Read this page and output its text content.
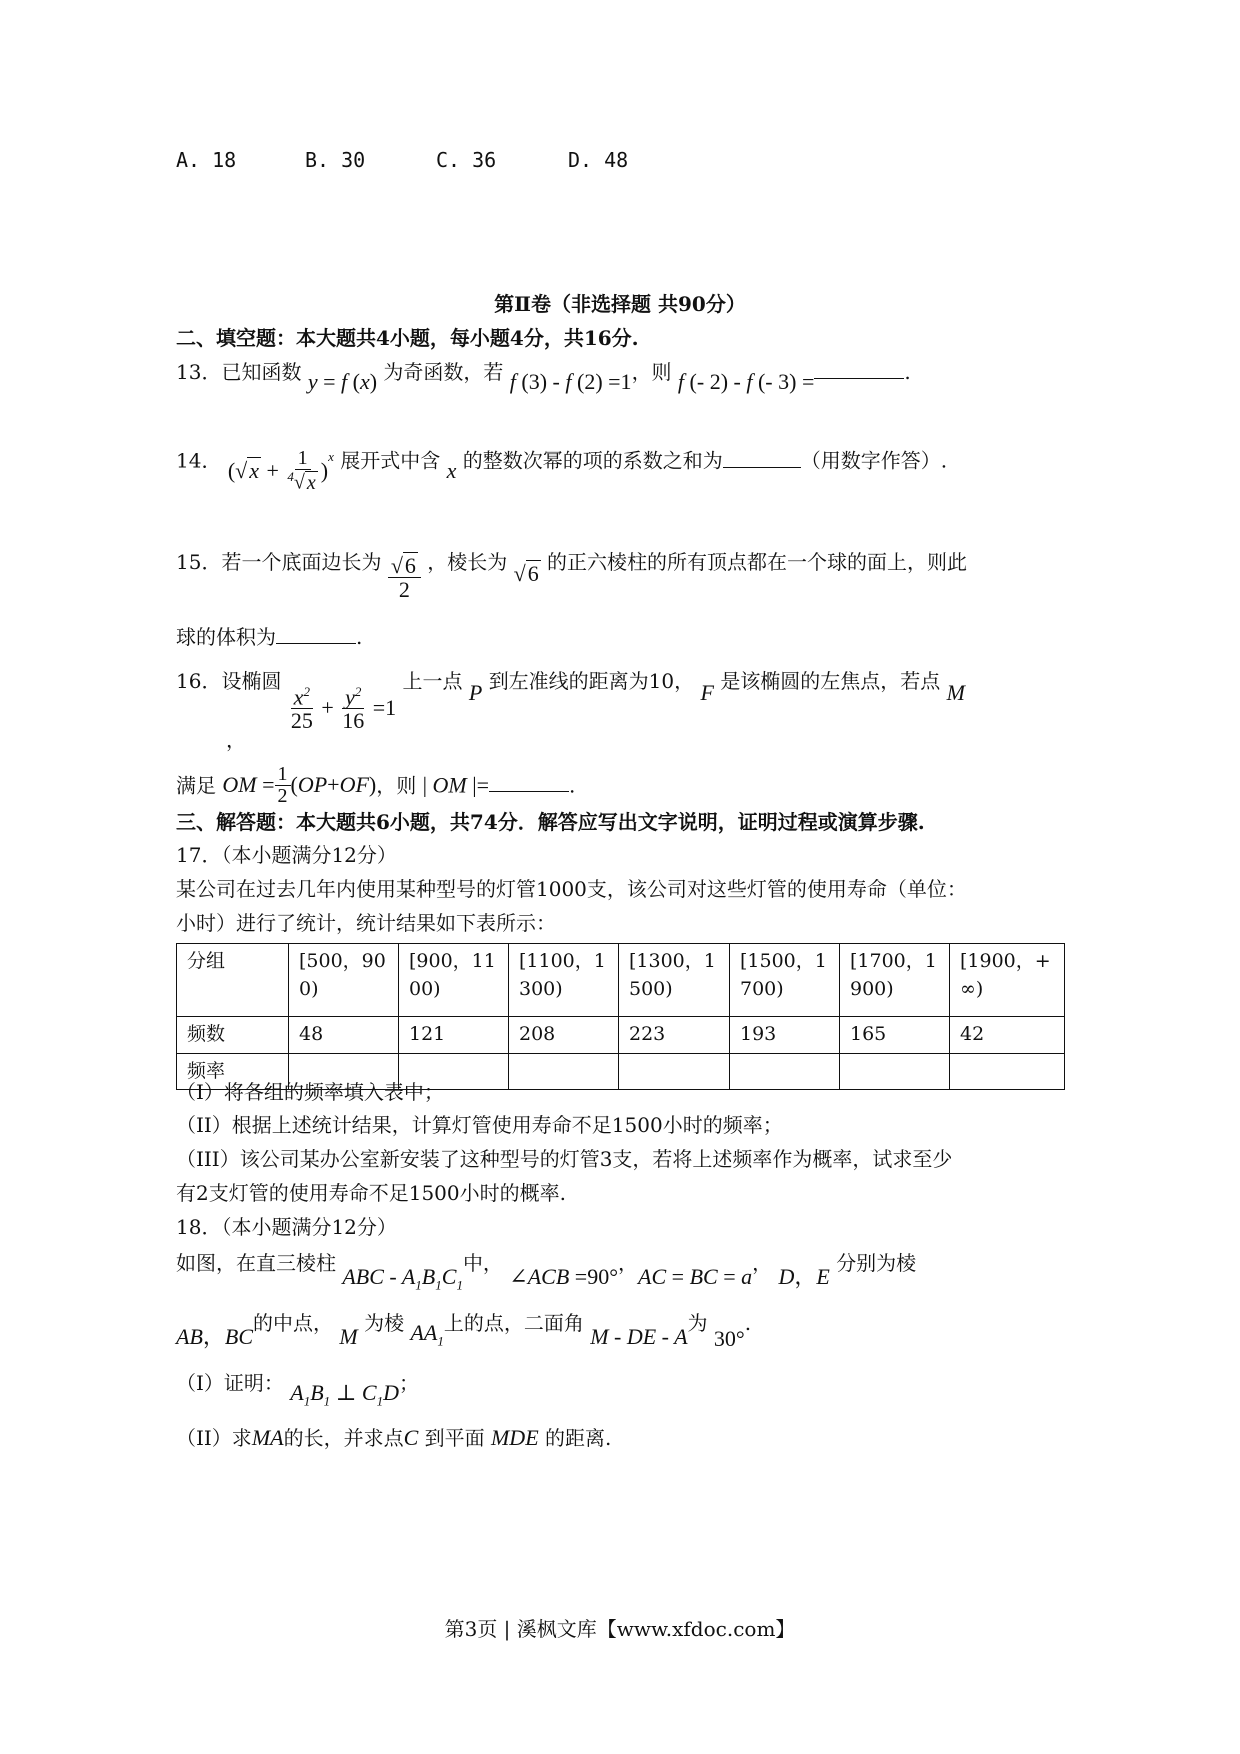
A. 18	B. 30	C. 36	D. 48
第Ⅱ卷（非选择题 共90分）
二、填空题：本大题共4小题，每小题4分，共16分.
13．已知函数 y = f (x) 为奇函数，若 f (3) - f (2) =1，则 f (- 2) - f (- 3) =	.
14． ( √ x
+
$\frac{1}{^4√ x}$ )
$^x$ 展开式中含 x 的整数次幂的项的系数之和为	（用数字作答）.
15．若一个底面边长为 $\frac{√6}{2}$ ，棱长为 √6 的正六棱柱的所有顶点都在一个球的面上，则此
球的体积为	.
16．设椭圆
$\frac{x^2}{25}$
+
$\frac{y^2}{16}$
=1
上一点 P 到左准线的距离为10， F 是该椭圆的左焦点，若点 M
，
满足 OM = $\frac{1}{2}$ ( OP + OF ) ，则 | OM |=	.
三、解答题：本大题共6小题，共74分．解答应写出文字说明，证明过程或演算步骤.
17．（本小题满分12分）
某公司在过去几年内使用某种型号的灯管1000支，该公司对这些灯管的使用寿命（单位：
小时）进行了统计，统计结果如下表所示：
分组	[500，900)	[900，1100)	[1100，1300)	[1300，1500)	[1500，1700)	[1700，1900)	[1900，+∞)
频数	48	121	208	223	193	165	42
频率							
（I）将各组的频率填入表中；
（II）根据上述统计结果，计算灯管使用寿命不足1500小时的频率；
（III）该公司某办公室新安装了这种型号的灯管3支，若将上述频率作为概率，试求至少
有2支灯管的使用寿命不足1500小时的概率.
18．（本小题满分12分）
如图，在直三棱柱 ABC - $A_1B_1C_1$中， ∠ACB =90°，AC = BC = a， D，E 分别为棱
AB，BC的中点， M 为棱 $AA_1$上的点，二面角 M - DE - A为 30°.
（I）证明： $A_1B_1$ ⊥ $C_1D$；
（II）求MA的长，并求点C 到平面 MDE 的距离.
第3页 | 溪枫文库【www.xfdoc.com】
